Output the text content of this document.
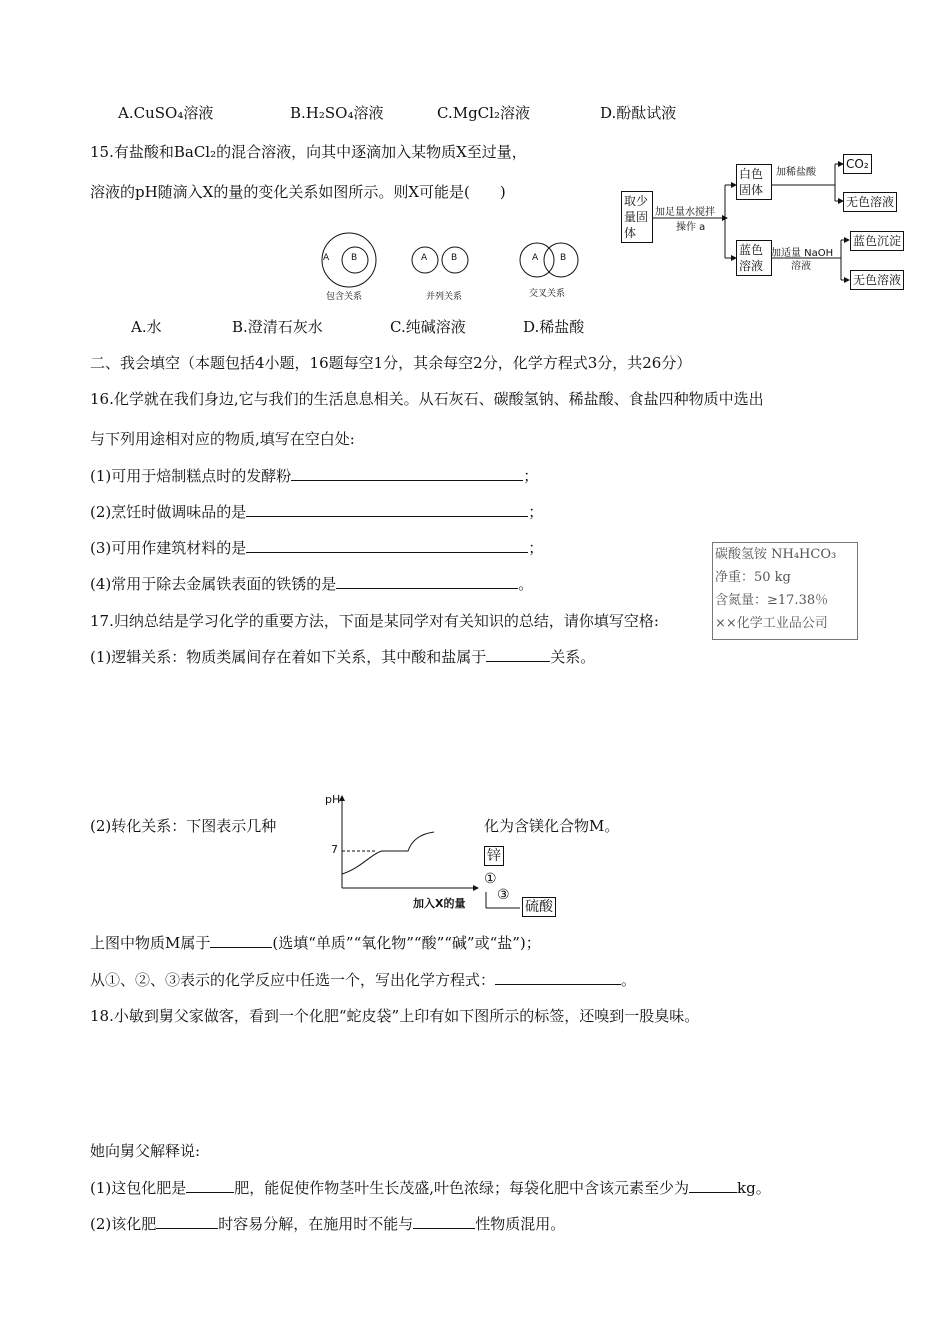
A.CuSO₄溶液	B.H₂SO₄溶液	C.MgCl₂溶液	D.酚酞试液
15.有盐酸和BaCl₂的混合溶液，向其中逐滴加入某物质X至过量，
溶液的pH随滴入X的量的变化关系如图所示。则X可能是( )	取少量固体
加足量水搅拌
操作 a
白色固体
加稀盐酸
CO₂
无色溶液
蓝色溶液
加适量 NaOH
溶液
蓝色沉淀
无色溶液
A B	A	B	A B
包含关系	并列关系	交叉关系
A.水	B.澄清石灰水	C.纯碱溶液	D.稀盐酸
二、我会填空（本题包括4小题，16题每空1分，其余每空2分，化学方程式3分，共26分）
16.化学就在我们身边,它与我们的生活息息相关。从石灰石、碳酸氢钠、稀盐酸、食盐四种物质中选出
与下列用途相对应的物质,填写在空白处:
(1)可用于焙制糕点时的发酵粉	；
(2)烹饪时做调味品的是	；
(3)可用作建筑材料的是	；
(4)常用于除去金属铁表面的铁锈的是	。
碳酸氢铵 NH₄HCO₃
净重：50 kg
含氮量：≥17.38％
××化学工业品公司
17.归纳总结是学习化学的重要方法，下面是某同学对有关知识的总结，请你填写空格:
(1)逻辑关系：物质类属间存在着如下关系，其中酸和盐属于	关系。
(2)转化关系：下图表示几种	化为含镁化合物M。
锌
①
③
硫酸
pH
7
加入X的量
上图中物质M属于	(选填“单质”“氧化物”“酸”“碱”或“盐”)；
从①、②、③表示的化学反应中任选一个，写出化学方程式：	。
18.小敏到舅父家做客，看到一个化肥“蛇皮袋”上印有如下图所示的标签，还嗅到一股臭味。
她向舅父解释说:
(1)这包化肥是	肥，能促使作物茎叶生长茂盛,叶色浓绿；每袋化肥中含该元素至少为	kg。
(2)该化肥	时容易分解，在施用时不能与	性物质混用。
